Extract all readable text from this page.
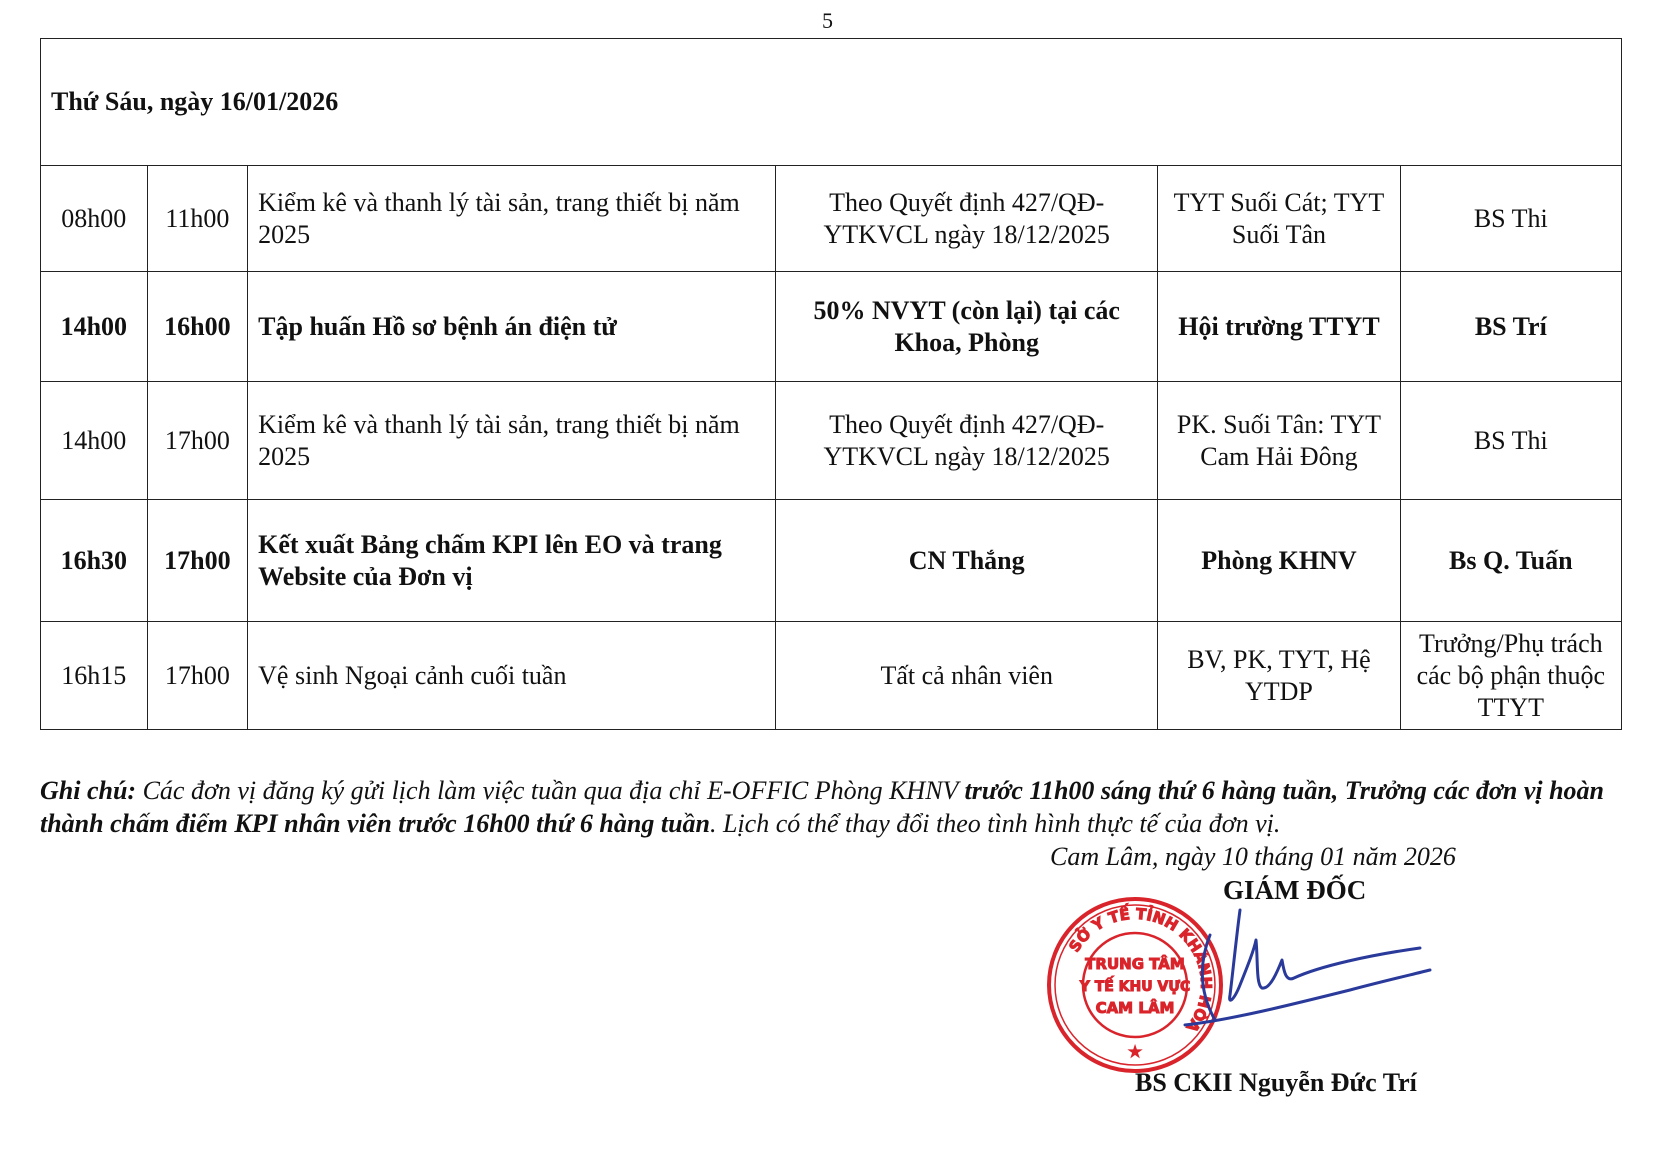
5
Thứ Sáu, ngày 16/01/2026					
08h00	11h00	Kiểm kê và thanh lý tài sản, trang thiết bị năm 2025	Theo Quyết định 427/QĐ-YTKVCL ngày 18/12/2025	TYT Suối Cát; TYT Suối Tân	BS Thi
14h00	16h00	Tập huấn Hồ sơ bệnh án điện tử	50% NVYT (còn lại) tại các Khoa, Phòng	Hội trường TTYT	BS Trí
14h00	17h00	Kiểm kê và thanh lý tài sản, trang thiết bị năm 2025	Theo Quyết định 427/QĐ-YTKVCL ngày 18/12/2025	PK. Suối Tân: TYT Cam Hải Đông	BS Thi
16h30	17h00	Kết xuất Bảng chấm KPI lên EO và trang Website của Đơn vị	CN Thắng	Phòng KHNV	Bs Q. Tuấn
16h15	17h00	Vệ sinh Ngoại cảnh cuối tuần	Tất cả nhân viên	BV, PK, TYT, Hệ YTDP	Trưởng/Phụ trách các bộ phận thuộc TTYT
Ghi chú: Các đơn vị đăng ký gửi lịch làm việc tuần qua địa chỉ E-OFFIC Phòng KHNV trước 11h00 sáng thứ 6 hàng tuần, Trưởng các đơn vị hoàn thành chấm điểm KPI nhân viên trước 16h00 thứ 6 hàng tuần. Lịch có thể thay đổi theo tình hình thực tế của đơn vị.
Cam Lâm, ngày 10 tháng 01 năm 2026
GIÁM ĐỐC
SỞ Y TẾ TỈNH KHÁNH HÒA
TRUNG TÂM
Y TẾ KHU VỰC
CAM LÂM
★
BS CKII Nguyễn Đức Trí
